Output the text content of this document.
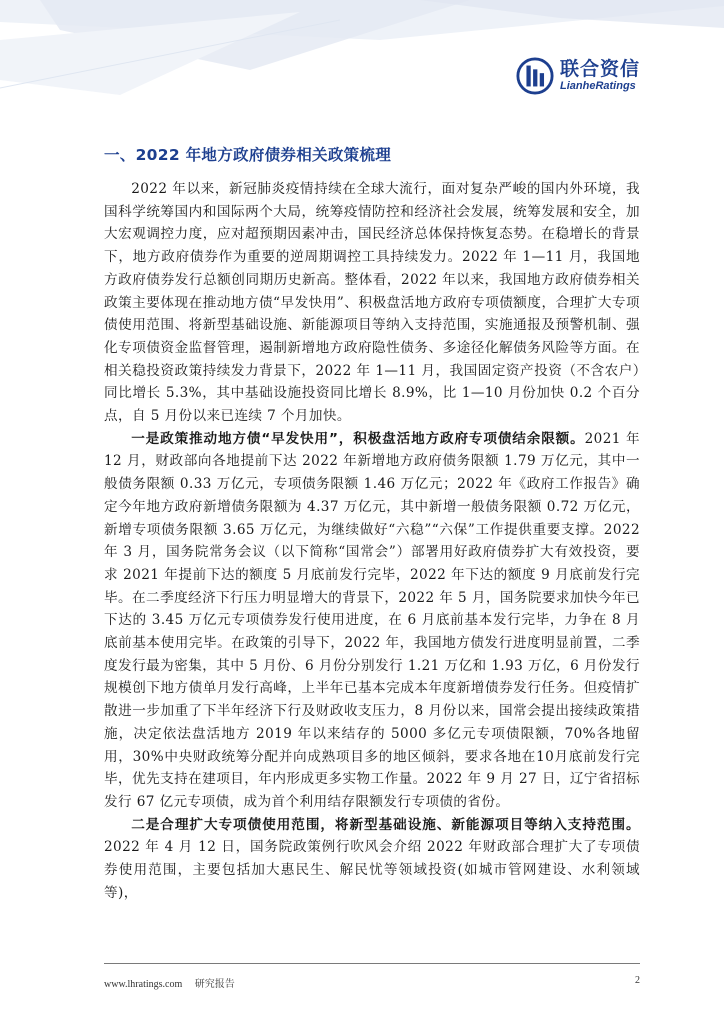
联合资信
LianheRatings
一、2022 年地方政府债券相关政策梳理

2022 年以来，新冠肺炎疫情持续在全球大流行，面对复杂严峻的国内外环境，我国科学统筹国内和国际两个大局，统筹疫情防控和经济社会发展，统筹发展和安全，加大宏观调控力度，应对超预期因素冲击，国民经济总体保持恢复态势。在稳增长的背景下，地方政府债券作为重要的逆周期调控工具持续发力。2022 年 1—11 月，我国地方政府债券发行总额创同期历史新高。整体看，2022 年以来，我国地方政府债券相关政策主要体现在推动地方债“早发快用”、积极盘活地方政府专项债额度，合理扩大专项债使用范围、将新型基础设施、新能源项目等纳入支持范围，实施通报及预警机制、强化专项债资金监督管理，遏制新增地方政府隐性债务、多途径化解债务风险等方面。在相关稳投资政策持续发力背景下，2022 年 1—11 月，我国固定资产投资（不含农户）同比增长 5.3%，其中基础设施投资同比增长 8.9%，比 1—10 月份加快 0.2 个百分点，自 5 月份以来已连续 7 个月加快。

一是政策推动地方债“早发快用”，积极盘活地方政府专项债结余限额。2021 年 12 月，财政部向各地提前下达 2022 年新增地方政府债务限额 1.79 万亿元，其中一般债务限额 0.33 万亿元，专项债务限额 1.46 万亿元；2022 年《政府工作报告》确定今年地方政府新增债务限额为 4.37 万亿元，其中新增一般债务限额 0.72 万亿元，新增专项债务限额 3.65 万亿元，为继续做好“六稳”“六保”工作提供重要支撑。2022 年 3 月，国务院常务会议（以下简称“国常会”）部署用好政府债券扩大有效投资，要求 2021 年提前下达的额度 5 月底前发行完毕，2022 年下达的额度 9 月底前发行完毕。在二季度经济下行压力明显增大的背景下，2022 年 5 月，国务院要求加快今年已下达的 3.45 万亿元专项债券发行使用进度，在 6 月底前基本发行完毕，力争在 8 月底前基本使用完毕。在政策的引导下，2022 年，我国地方债发行进度明显前置，二季度发行最为密集，其中 5 月份、6 月份分别发行 1.21 万亿和 1.93 万亿，6 月份发行规模创下地方债单月发行高峰，上半年已基本完成本年度新增债券发行任务。但疫情扩散进一步加重了下半年经济下行及财政收支压力，8 月份以来，国常会提出接续政策措施，决定依法盘活地方 2019 年以来结存的 5000 多亿元专项债限额，70%各地留用，30%中央财政统筹分配并向成熟项目多的地区倾斜，要求各地在10月底前发行完毕，优先支持在建项目，年内形成更多实物工作量。2022 年 9 月 27 日，辽宁省招标发行 67 亿元专项债，成为首个利用结存限额发行专项债的省份。

二是合理扩大专项债使用范围，将新型基础设施、新能源项目等纳入支持范围。2022 年 4 月 12 日，国务院政策例行吹风会介绍 2022 年财政部合理扩大了专项债券使用范围，主要包括加大惠民生、解民忧等领域投资(如城市管网建设、水利领域等)，

www.lhratings.com 研究报告	2
